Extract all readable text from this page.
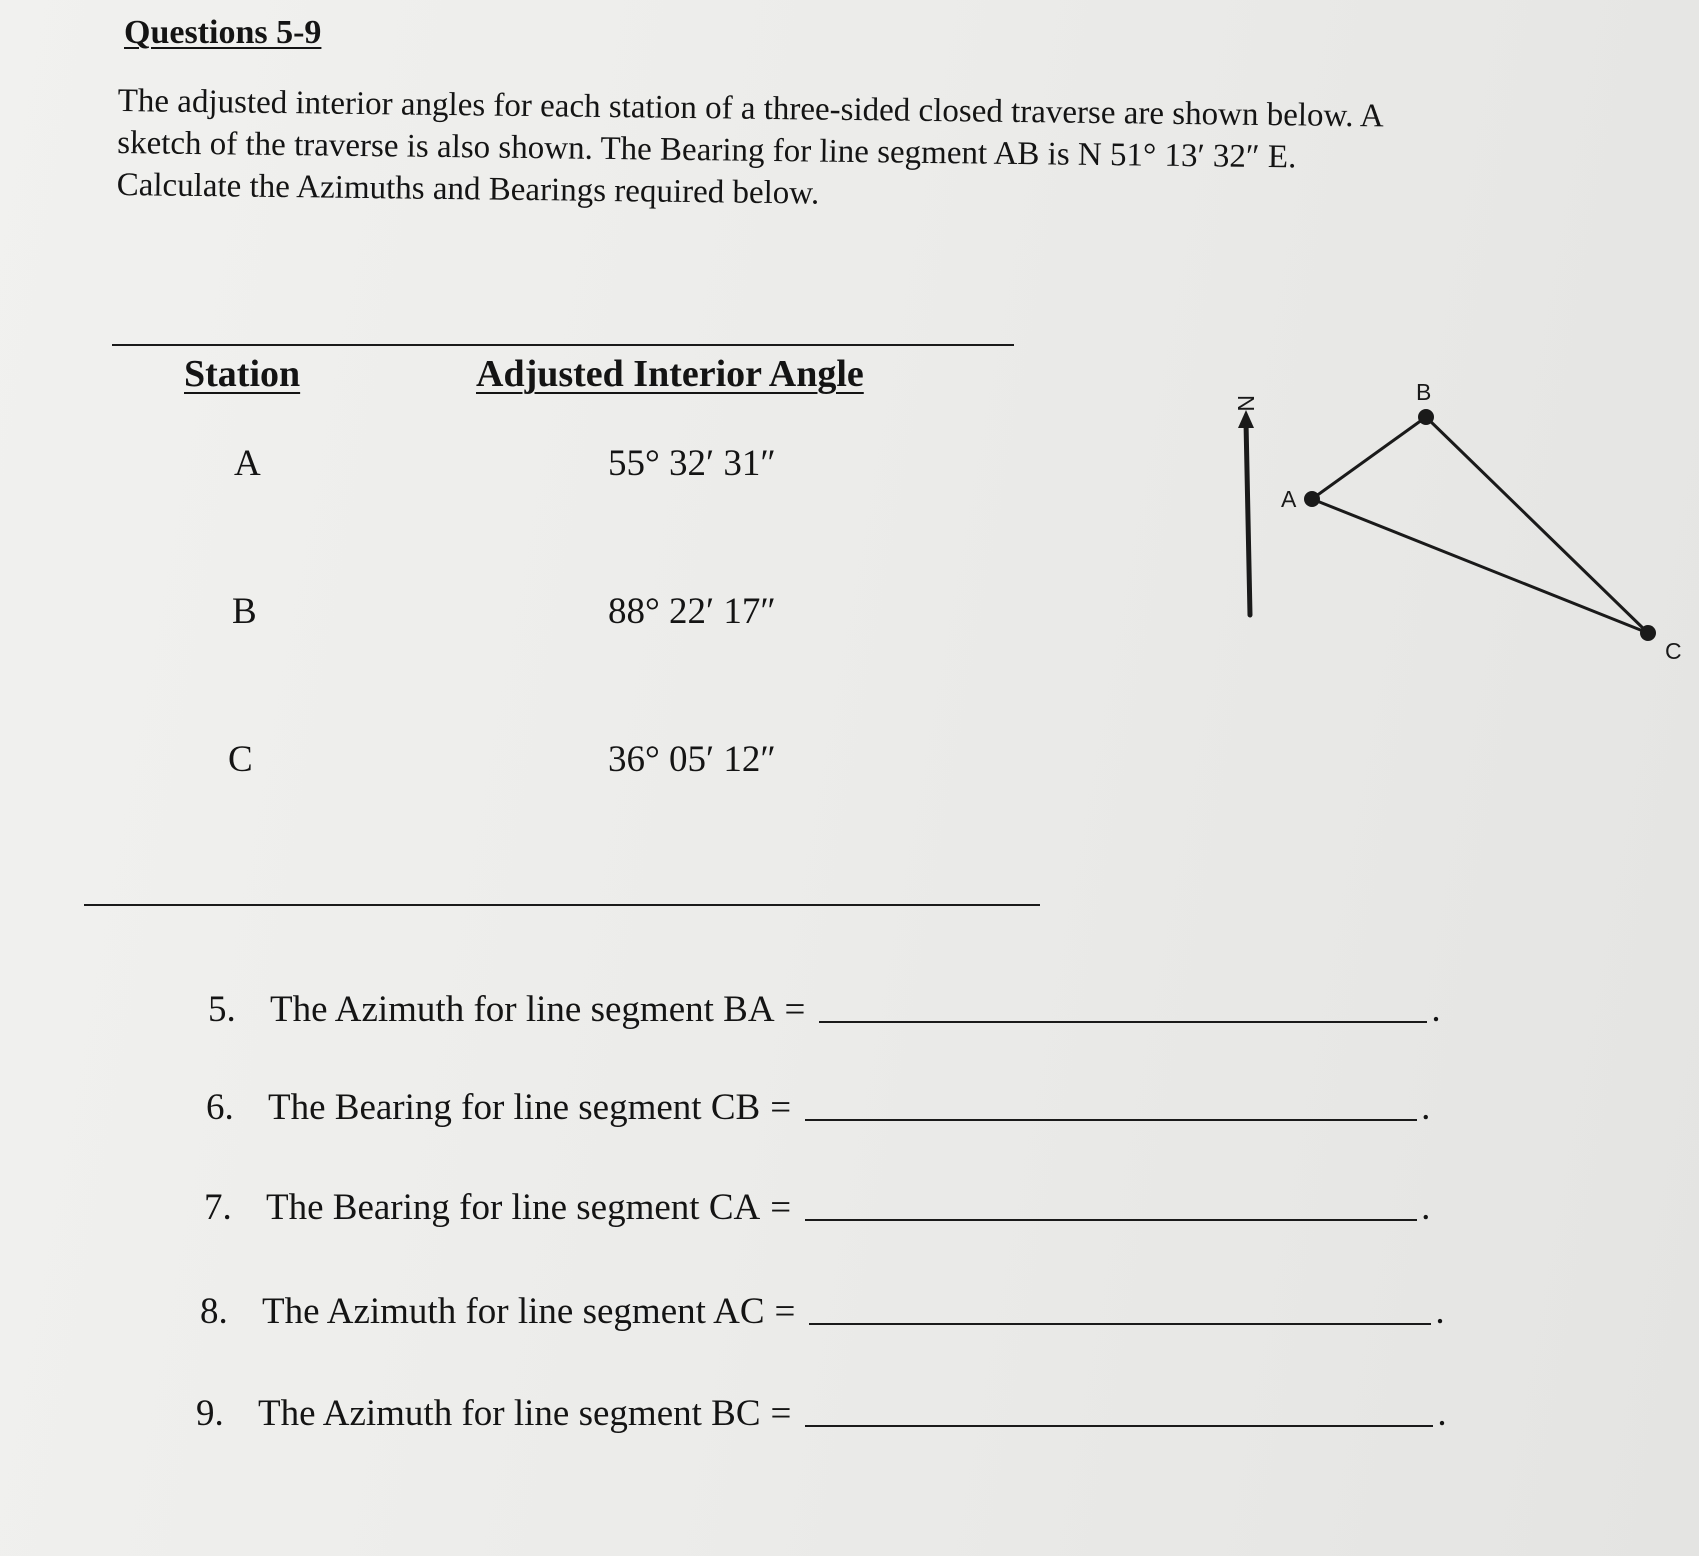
Questions 5-9
The adjusted interior angles for each station of a three-sided closed traverse are shown below. A
sketch of the traverse is also shown. The Bearing for line segment AB is N 51° 13′ 32″ E.
Calculate the Azimuths and Bearings required below.
Station	Adjusted Interior Angle
A	55° 32′ 31″
B	88° 22′ 17″
C	36° 05′ 12″
N
A
B
C
5. The Azimuth for line segment BA =	.
6. The Bearing for line segment CB =	.
7. The Bearing for line segment CA =	.
8. The Azimuth for line segment AC =	.
9. The Azimuth for line segment BC =	.
